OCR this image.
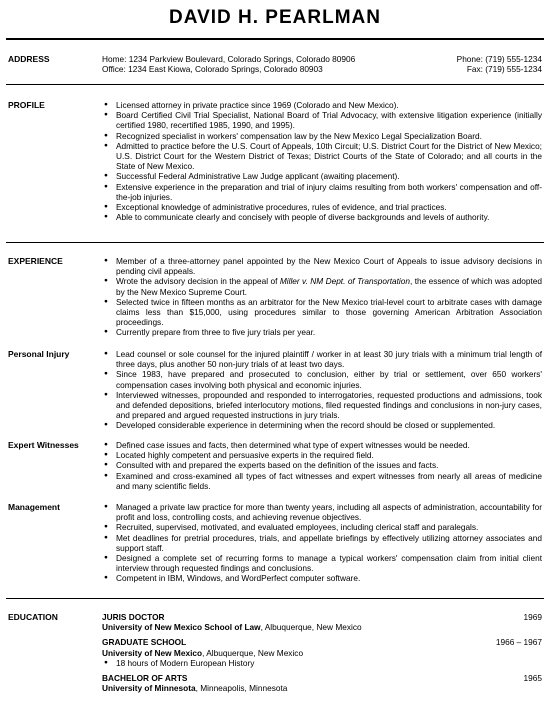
DAVID H. PEARLMAN
ADDRESS	Home: 1234 Parkview Boulevard, Colorado Springs, Colorado 80906
Office: 1234 East Kiowa, Colorado Springs, Colorado 80903
Phone: (719) 555-1234
Fax: (719) 555-1234
PROFILE	● Licensed attorney in private practice since 1969 (Colorado and New Mexico).
● Board Certified Civil Trial Specialist, National Board of Trial Advocacy, with extensive litigation experience (initially certified 1980, recertified 1985, 1990, and 1995).
● Recognized specialist in workers' compensation law by the New Mexico Legal Specialization Board.
● Admitted to practice before the U.S. Court of Appeals, 10th Circuit; U.S. District Court for the District of New Mexico; U.S. District Court for the Western District of Texas; District Courts of the State of Colorado; and all courts in the State of New Mexico.
● Successful Federal Administrative Law Judge applicant (awaiting placement).
● Extensive experience in the preparation and trial of injury claims resulting from both workers' compensation and off-the-job injuries.
● Exceptional knowledge of administrative procedures, rules of evidence, and trial practices.
● Able to communicate clearly and concisely with people of diverse backgrounds and levels of authority.
EXPERIENCE	● Member of a three-attorney panel appointed by the New Mexico Court of Appeals to issue advisory decisions in pending civil appeals.
● Wrote the advisory decision in the appeal of Miller v. NM Dept. of Transportation, the essence of which was adopted by the New Mexico Supreme Court.
● Selected twice in fifteen months as an arbitrator for the New Mexico trial-level court to arbitrate cases with damage claims less than $15,000, using procedures similar to those governing American Arbitration Association proceedings.
● Currently prepare from three to five jury trials per year.
Personal Injury	● Lead counsel or sole counsel for the injured plaintiff / worker in at least 30 jury trials with a minimum trial length of three days, plus another 50 non-jury trials of at least two days.
● Since 1983, have prepared and prosecuted to conclusion, either by trial or settlement, over 650 workers' compensation cases involving both physical and economic injuries.
● Interviewed witnesses, propounded and responded to interrogatories, requested productions and admissions, took and defended depositions, briefed interlocutory motions, filed requested findings and conclusions in non-jury cases, and prepared and argued requested instructions in jury trials.
● Developed considerable experience in determining when the record should be closed or supplemented.
Expert Witnesses	● Defined case issues and facts, then determined what type of expert witnesses would be needed.
● Located highly competent and persuasive experts in the required field.
● Consulted with and prepared the experts based on the definition of the issues and facts.
● Examined and cross-examined all types of fact witnesses and expert witnesses from nearly all areas of medicine and many scientific fields.
Management	● Managed a private law practice for more than twenty years, including all aspects of administration, accountability for profit and loss, controlling costs, and achieving revenue objectives.
● Recruited, supervised, motivated, and evaluated employees, including clerical staff and paralegals.
● Met deadlines for pretrial procedures, trials, and appellate briefings by effectively utilizing attorney associates and support staff.
● Designed a complete set of recurring forms to manage a typical workers' compensation claim from initial client interview through requested findings and conclusions.
● Competent in IBM, Windows, and WordPerfect computer software.
EDUCATION	JURIS DOCTOR	1969
University of New Mexico School of Law, Albuquerque, New Mexico
GRADUATE SCHOOL	1966 – 1967
University of New Mexico, Albuquerque, New Mexico
● 18 hours of Modern European History
BACHELOR OF ARTS	1965
University of Minnesota, Minneapolis, Minnesota
